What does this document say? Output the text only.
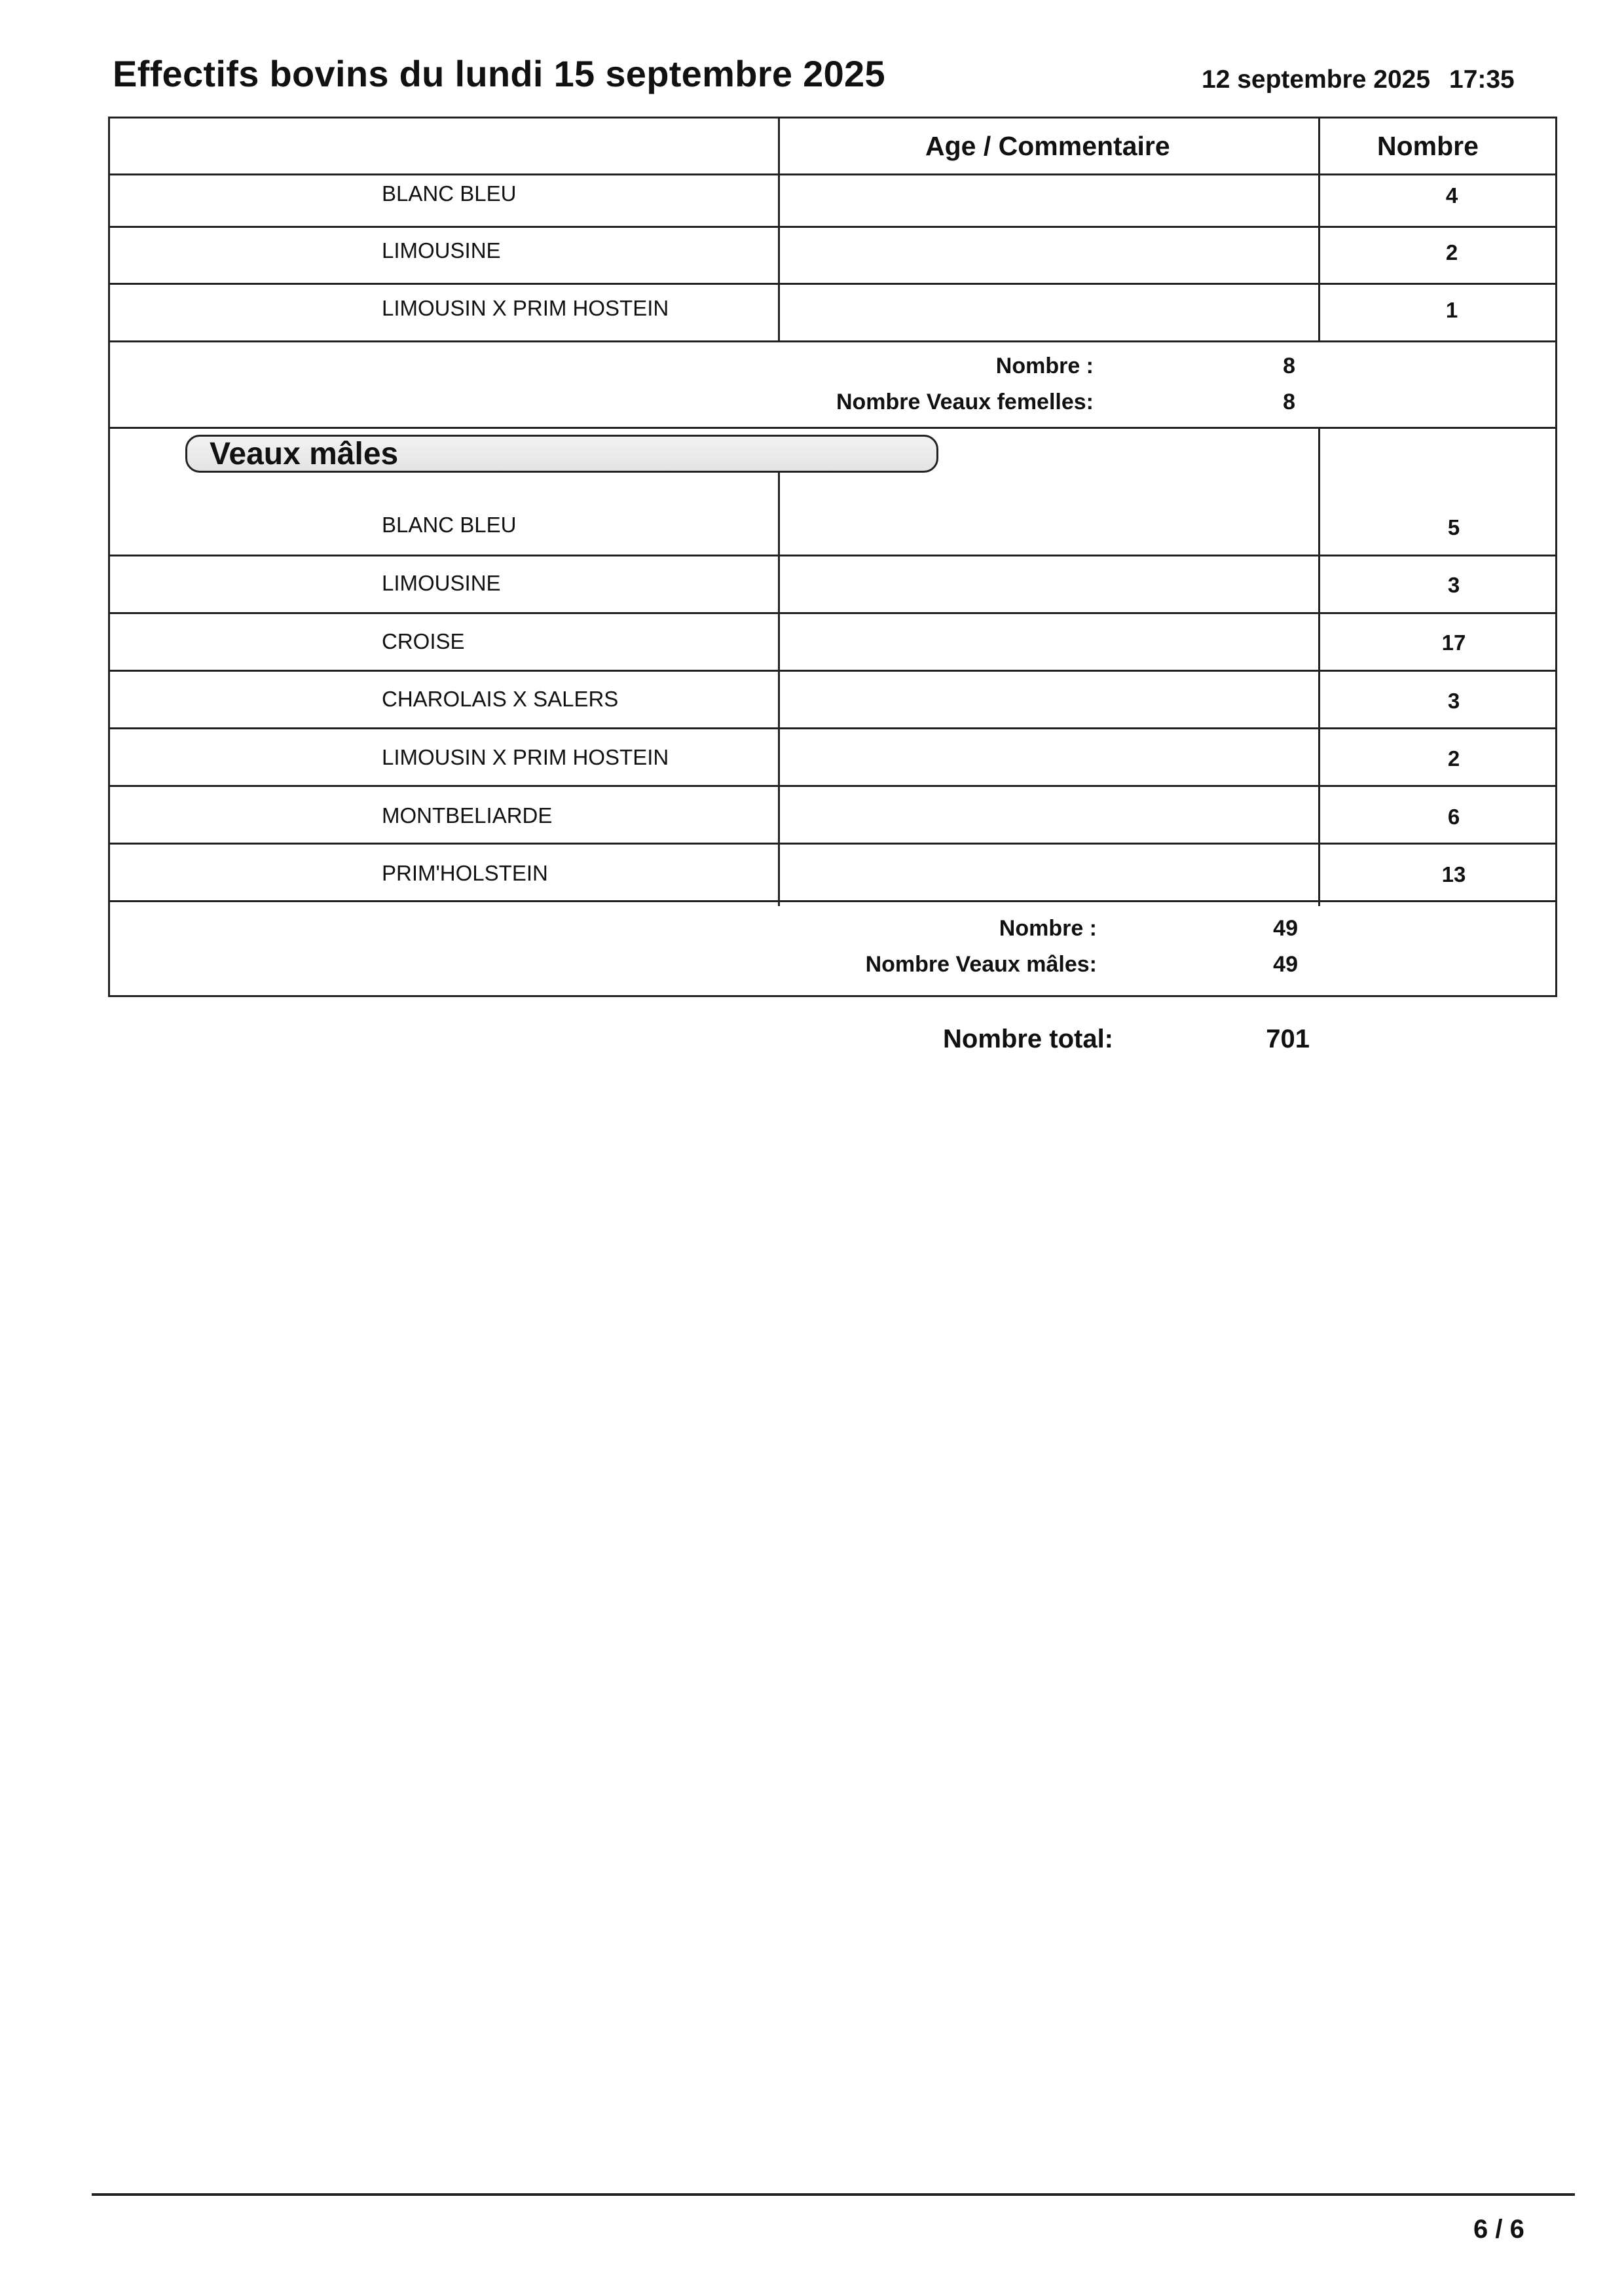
Effectifs bovins du lundi 15 septembre 2025	12 septembre 2025 17:35
Age / Commentaire	Nombre
BLANC BLEU	4
LIMOUSINE	2
LIMOUSIN X PRIM HOSTEIN	1
Nombre :	8
Nombre Veaux femelles:	8
Veaux mâles
BLANC BLEU	5
LIMOUSINE	3
CROISE	17
CHAROLAIS X SALERS	3
LIMOUSIN X PRIM HOSTEIN	2
MONTBELIARDE	6
PRIM'HOLSTEIN	13
Nombre :	49
Nombre Veaux mâles:	49
Nombre total:	701
6 / 6
